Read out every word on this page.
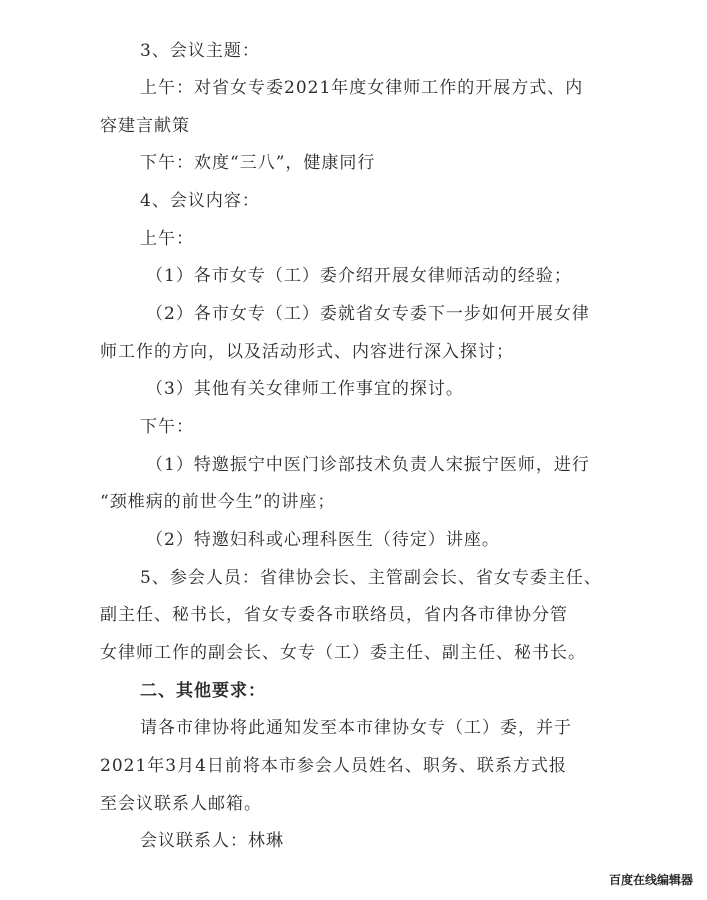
3、会议主题：
上午：对省女专委2021年度女律师工作的开展方式、内
容建言献策
下午：欢度“三八”，健康同行
4、会议内容：
上午：
（1）各市女专（工）委介绍开展女律师活动的经验；
（2）各市女专（工）委就省女专委下一步如何开展女律
师工作的方向，以及活动形式、内容进行深入探讨；
（3）其他有关女律师工作事宜的探讨。
下午：
（1）特邀振宁中医门诊部技术负责人宋振宁医师，进行
“颈椎病的前世今生”的讲座；
（2）特邀妇科或心理科医生（待定）讲座。
5、参会人员：省律协会长、主管副会长、省女专委主任、
副主任、秘书长，省女专委各市联络员，省内各市律协分管
女律师工作的副会长、女专（工）委主任、副主任、秘书长。
二、其他要求：
请各市律协将此通知发至本市律协女专（工）委，并于
2021年3月4日前将本市参会人员姓名、职务、联系方式报
至会议联系人邮箱。
会议联系人：林琳
百度在线编辑器
